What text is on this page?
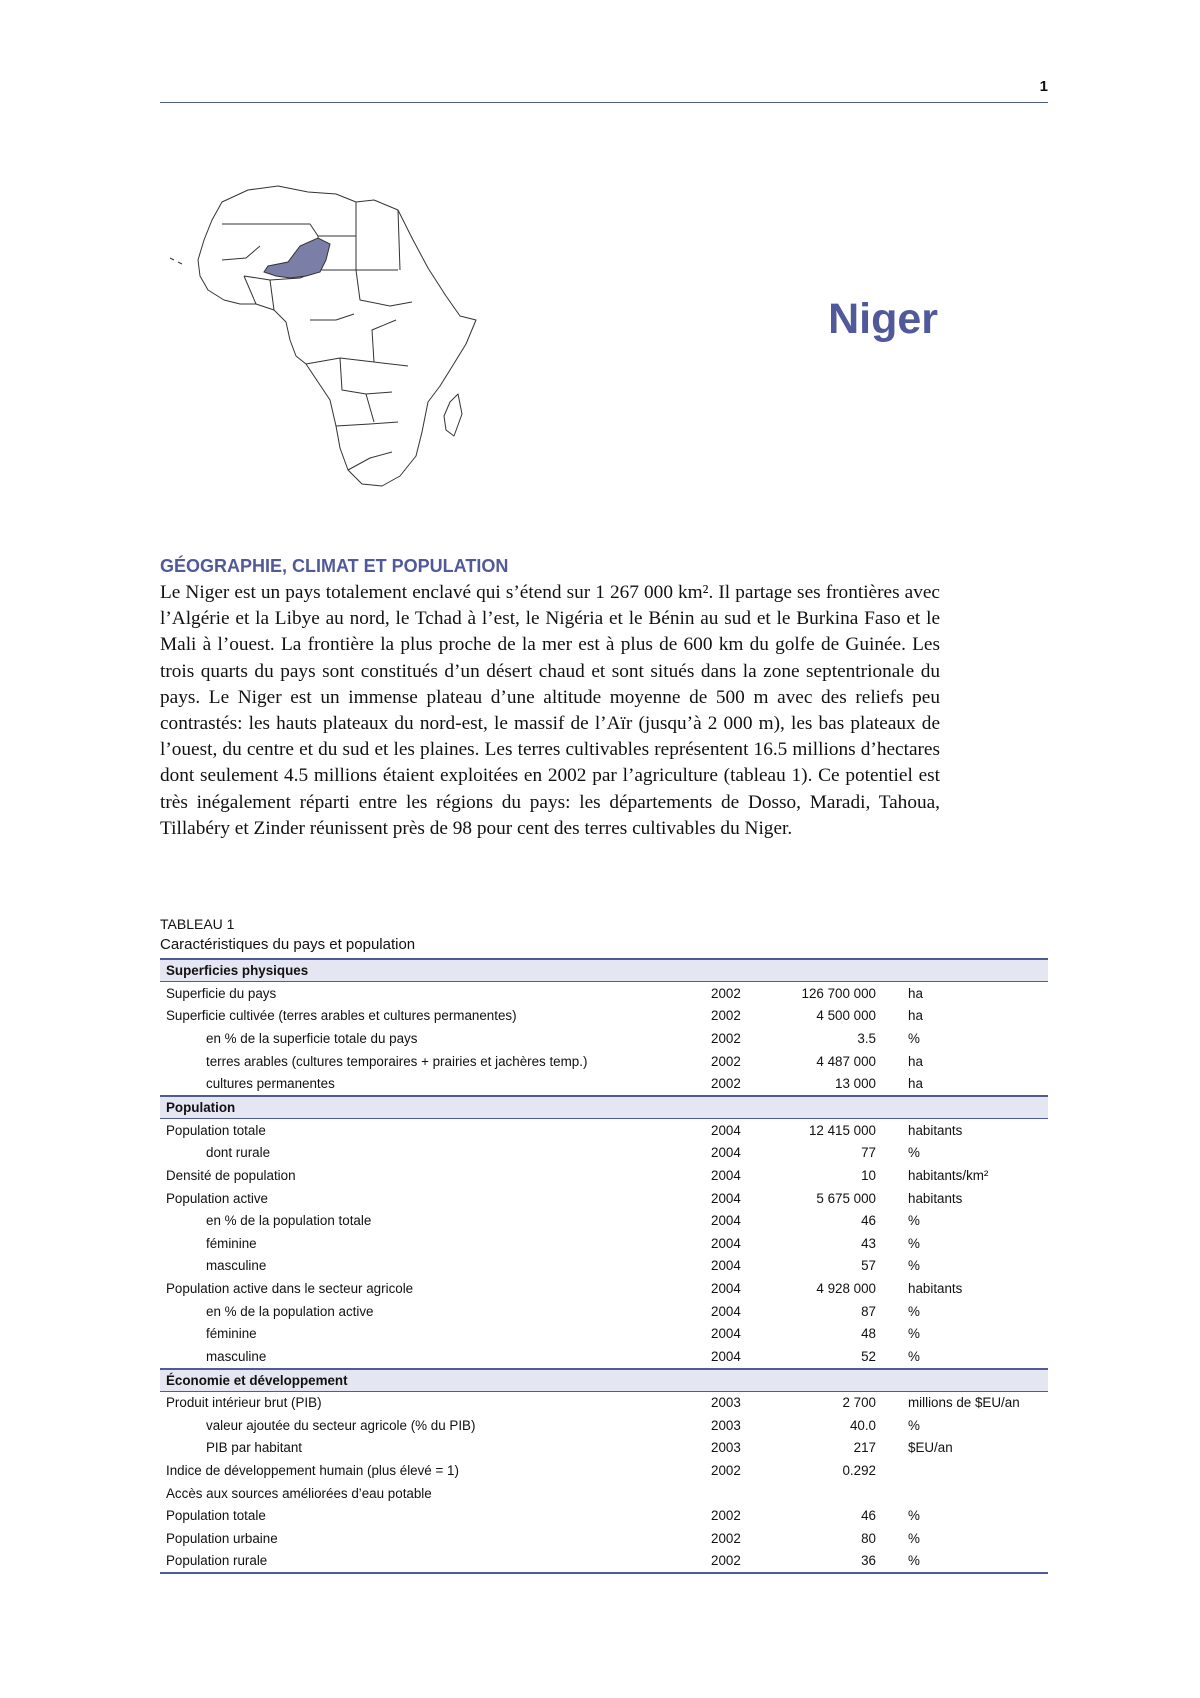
1
Niger
GÉOGRAPHIE, CLIMAT ET POPULATION
Le Niger est un pays totalement enclavé qui s’étend sur 1 267 000 km². Il partage ses frontières avec l’Algérie et la Libye au nord, le Tchad à l’est, le Nigéria et le Bénin au sud et le Burkina Faso et le Mali à l’ouest. La frontière la plus proche de la mer est à plus de 600 km du golfe de Guinée. Les trois quarts du pays sont constitués d’un désert chaud et sont situés dans la zone septentrionale du pays. Le Niger est un immense plateau d’une altitude moyenne de 500 m avec des reliefs peu contrastés: les hauts plateaux du nord-est, le massif de l’Aïr (jusqu’à 2 000 m), les bas plateaux de l’ouest, du centre et du sud et les plaines. Les terres cultivables représentent 16.5 millions d’hectares dont seulement 4.5 millions étaient exploitées en 2002 par l’agriculture (tableau 1). Ce potentiel est très inégalement réparti entre les régions du pays: les départements de Dosso, Maradi, Tahoua, Tillabéry et Zinder réunissent près de 98 pour cent des terres cultivables du Niger.
TABLEAU 1
Caractéristiques du pays et population
Superficies physiques				
Superficie du pays	2002	126 700 000		ha
Superficie cultivée (terres arables et cultures permanentes)	2002	4 500 000		ha
en % de la superficie totale du pays	2002	3.5		%
terres arables (cultures temporaires + prairies et jachères temp.)	2002	4 487 000		ha
cultures permanentes	2002	13 000		ha
Population				
Population totale	2004	12 415 000		habitants
dont rurale	2004	77		%
Densité de population	2004	10		habitants/km²
Population active	2004	5 675 000		habitants
en % de la population totale	2004	46		%
féminine	2004	43		%
masculine	2004	57		%
Population active dans le secteur agricole	2004	4 928 000		habitants
en % de la population active	2004	87		%
féminine	2004	48		%
masculine	2004	52		%
Économie et développement				
Produit intérieur brut (PIB)	2003	2 700		millions de $EU/an
valeur ajoutée du secteur agricole (% du PIB)	2003	40.0		%
PIB par habitant	2003	217		$EU/an
Indice de développement humain (plus élevé = 1)	2002	0.292		
Accès aux sources améliorées d’eau potable				
Population totale	2002	46		%
Population urbaine	2002	80		%
Population rurale	2002	36		%
